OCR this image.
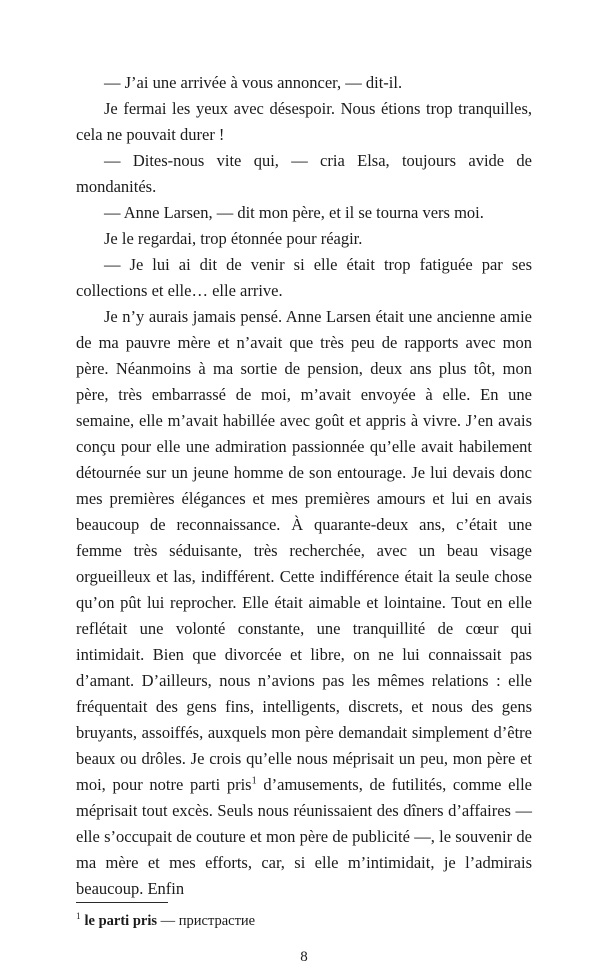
— J’ai une arrivée à vous annoncer, — dit-il.

Je fermai les yeux avec désespoir. Nous étions trop tranquilles, cela ne pouvait durer !

— Dites-nous vite qui, — cria Elsa, toujours avide de mondanités.

— Anne Larsen, — dit mon père, et il se tourna vers moi.

Je le regardai, trop étonnée pour réagir.

— Je lui ai dit de venir si elle était trop fatiguée par ses collections et elle… elle arrive.

Je n’y aurais jamais pensé. Anne Larsen était une ancienne amie de ma pauvre mère et n’avait que très peu de rapports avec mon père. Néanmoins à ma sortie de pension, deux ans plus tôt, mon père, très embarrassé de moi, m’avait envoyée à elle. En une semaine, elle m’avait habillée avec goût et appris à vivre. J’en avais conçu pour elle une admiration passionnée qu’elle avait habilement détournée sur un jeune homme de son entourage. Je lui devais donc mes premières élégances et mes premières amours et lui en avais beaucoup de reconnaissance. À quarante-deux ans, c’était une femme très séduisante, très recherchée, avec un beau visage orgueilleux et las, indifférent. Cette indifférence était la seule chose qu’on pût lui reprocher. Elle était aimable et lointaine. Tout en elle reflétait une volonté constante, une tranquillité de cœur qui intimidait. Bien que divorcée et libre, on ne lui connaissait pas d’amant. D’ailleurs, nous n’avions pas les mêmes relations : elle fréquentait des gens fins, intelligents, discrets, et nous des gens bruyants, assoiffés, auxquels mon père demandait simplement d’être beaux ou drôles. Je crois qu’elle nous méprisait un peu, mon père et moi, pour notre parti pris$^1$ d’amusements, de futilités, comme elle méprisait tout excès. Seuls nous réunissaient des dîners d’affaires — elle s’occupait de couture et mon père de publicité —, le souvenir de ma mère et mes efforts, car, si elle m’intimidait, je l’admirais beaucoup. Enfin

$^1$ le parti pris — пристрастие

8
